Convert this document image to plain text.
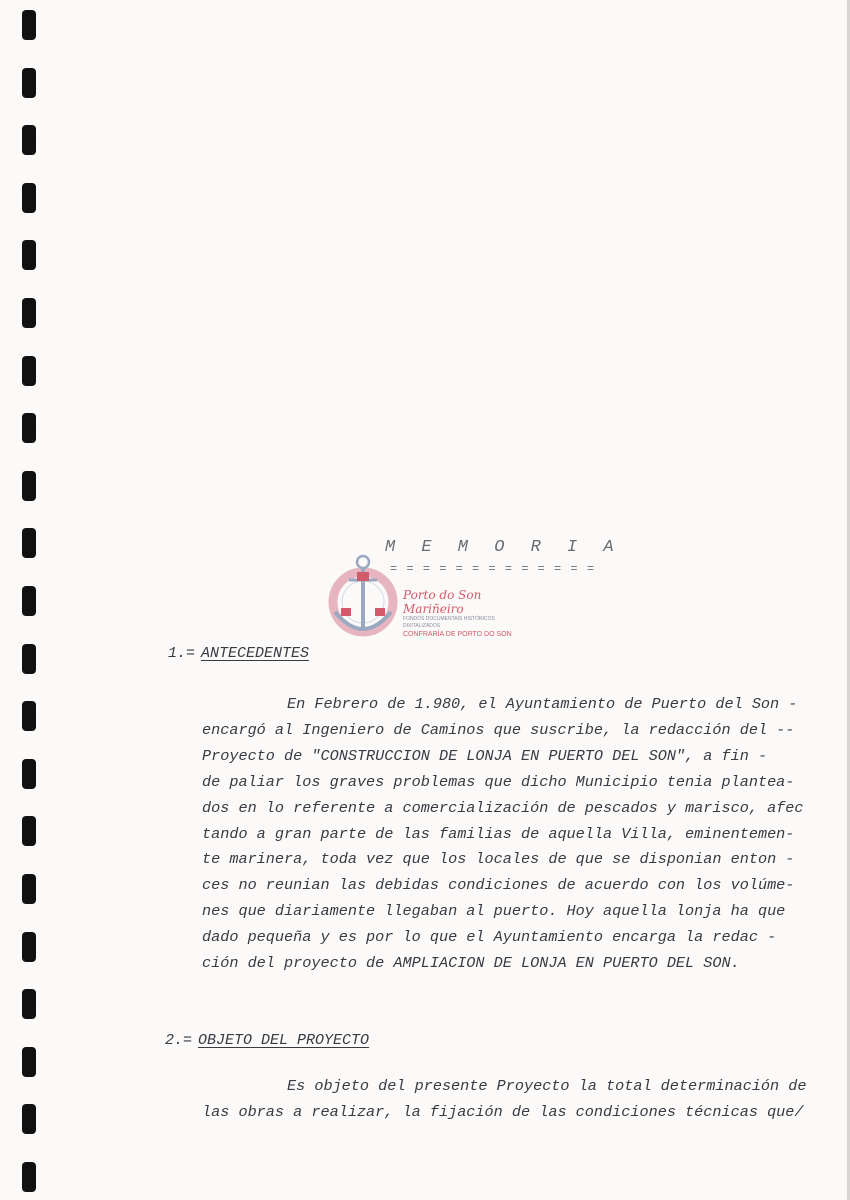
M E M O R I A
= = = = = = = = = = = = =
Porto do Son Mariñeiro
FONDOS DOCUMENTAIS HISTÓRICOS DIXITALIZADOS
CONFRARÍA DE PORTO DO SON
1.= ANTECEDENTES
En Febrero de 1.980, el Ayuntamiento de Puerto del Son -
encargó al Ingeniero de Caminos que suscribe, la redacción del --
Proyecto de "CONSTRUCCION DE LONJA EN PUERTO DEL SON", a fin -
de paliar los graves problemas que dicho Municipio tenia plantea-
dos en lo referente a comercialización de pescados y marisco, afec
tando a gran parte de las familias de aquella Villa, eminentemen-
te marinera, toda vez que los locales de que se disponian enton -
ces no reunian las debidas condiciones de acuerdo con los volúme-
nes que diariamente llegaban al puerto. Hoy aquella lonja ha que
dado pequeña y es por lo que el Ayuntamiento encarga la redac -
ción del proyecto de AMPLIACION DE LONJA EN PUERTO DEL SON.
2.= OBJETO DEL PROYECTO
Es objeto del presente Proyecto la total determinación de
las obras a realizar, la fijación de las condiciones técnicas que/
